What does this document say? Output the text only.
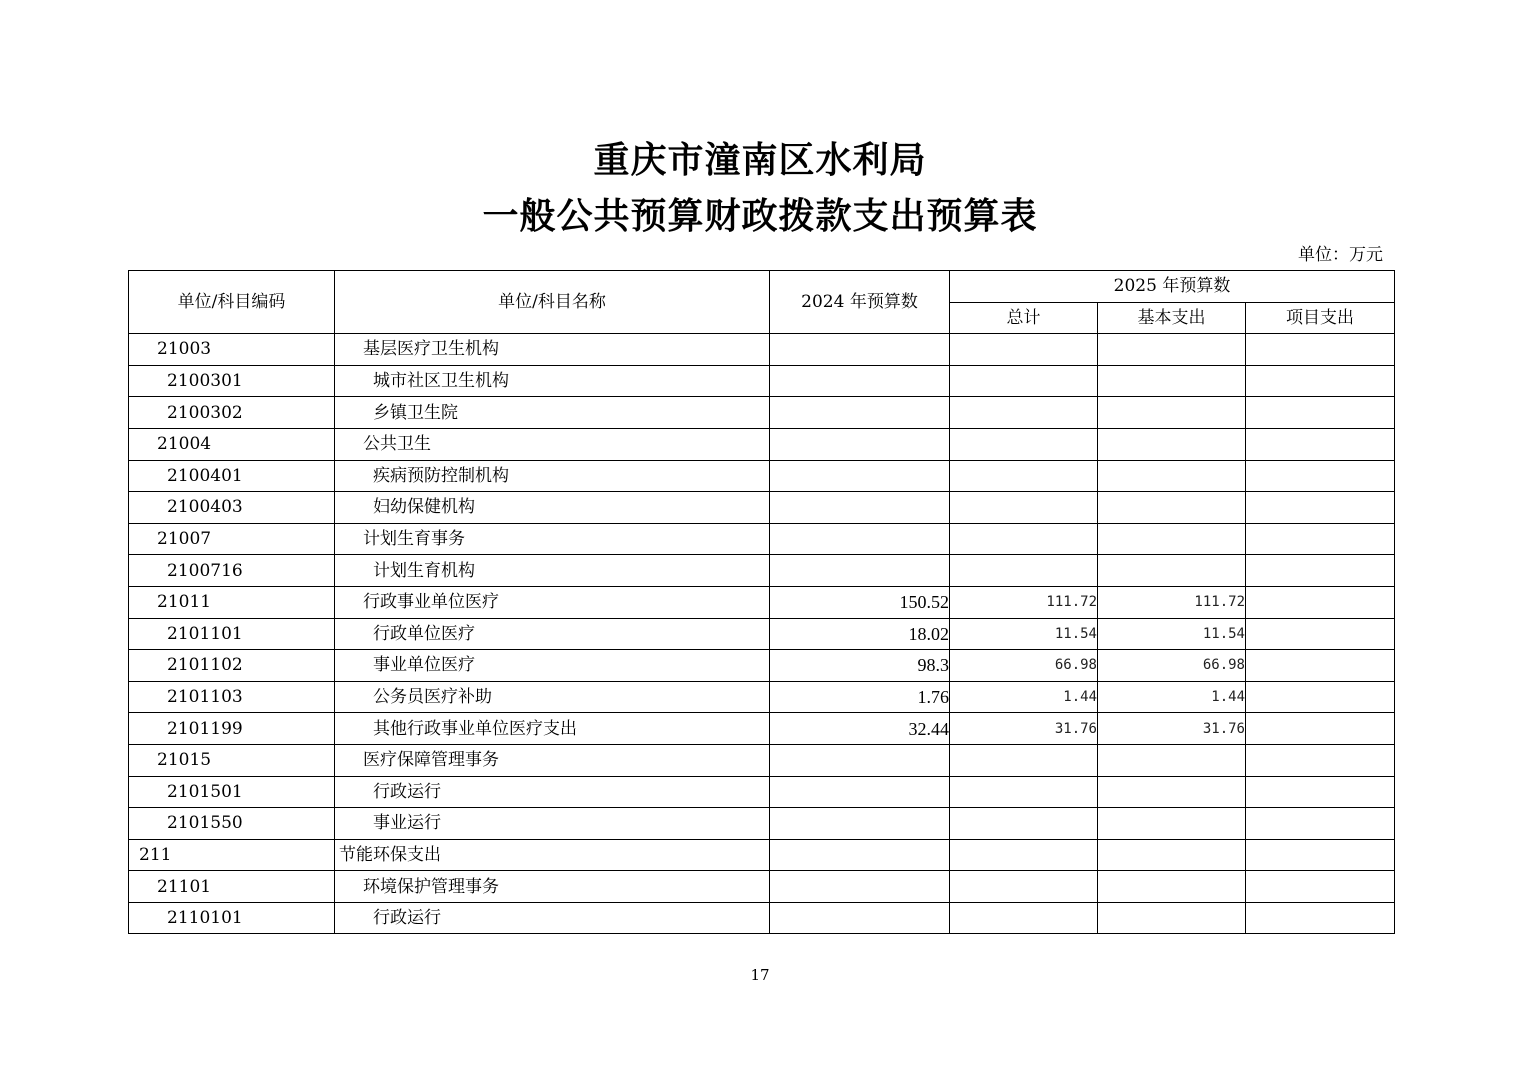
重庆市潼南区水利局
一般公共预算财政拨款支出预算表
单位：万元
单位/科目编码	单位/科目名称	2024 年预算数	2025 年预算数		
			总计	基本支出	项目支出
21003	基层医疗卫生机构				
2100301	城市社区卫生机构				
2100302	乡镇卫生院				
21004	公共卫生				
2100401	疾病预防控制机构				
2100403	妇幼保健机构				
21007	计划生育事务				
2100716	计划生育机构				
21011	行政事业单位医疗	150.52	111.72	111.72	
2101101	行政单位医疗	18.02	11.54	11.54	
2101102	事业单位医疗	98.3	66.98	66.98	
2101103	公务员医疗补助	1.76	1.44	1.44	
2101199	其他行政事业单位医疗支出	32.44	31.76	31.76	
21015	医疗保障管理事务				
2101501	行政运行				
2101550	事业运行				
211	节能环保支出				
21101	环境保护管理事务				
2110101	行政运行				
17
